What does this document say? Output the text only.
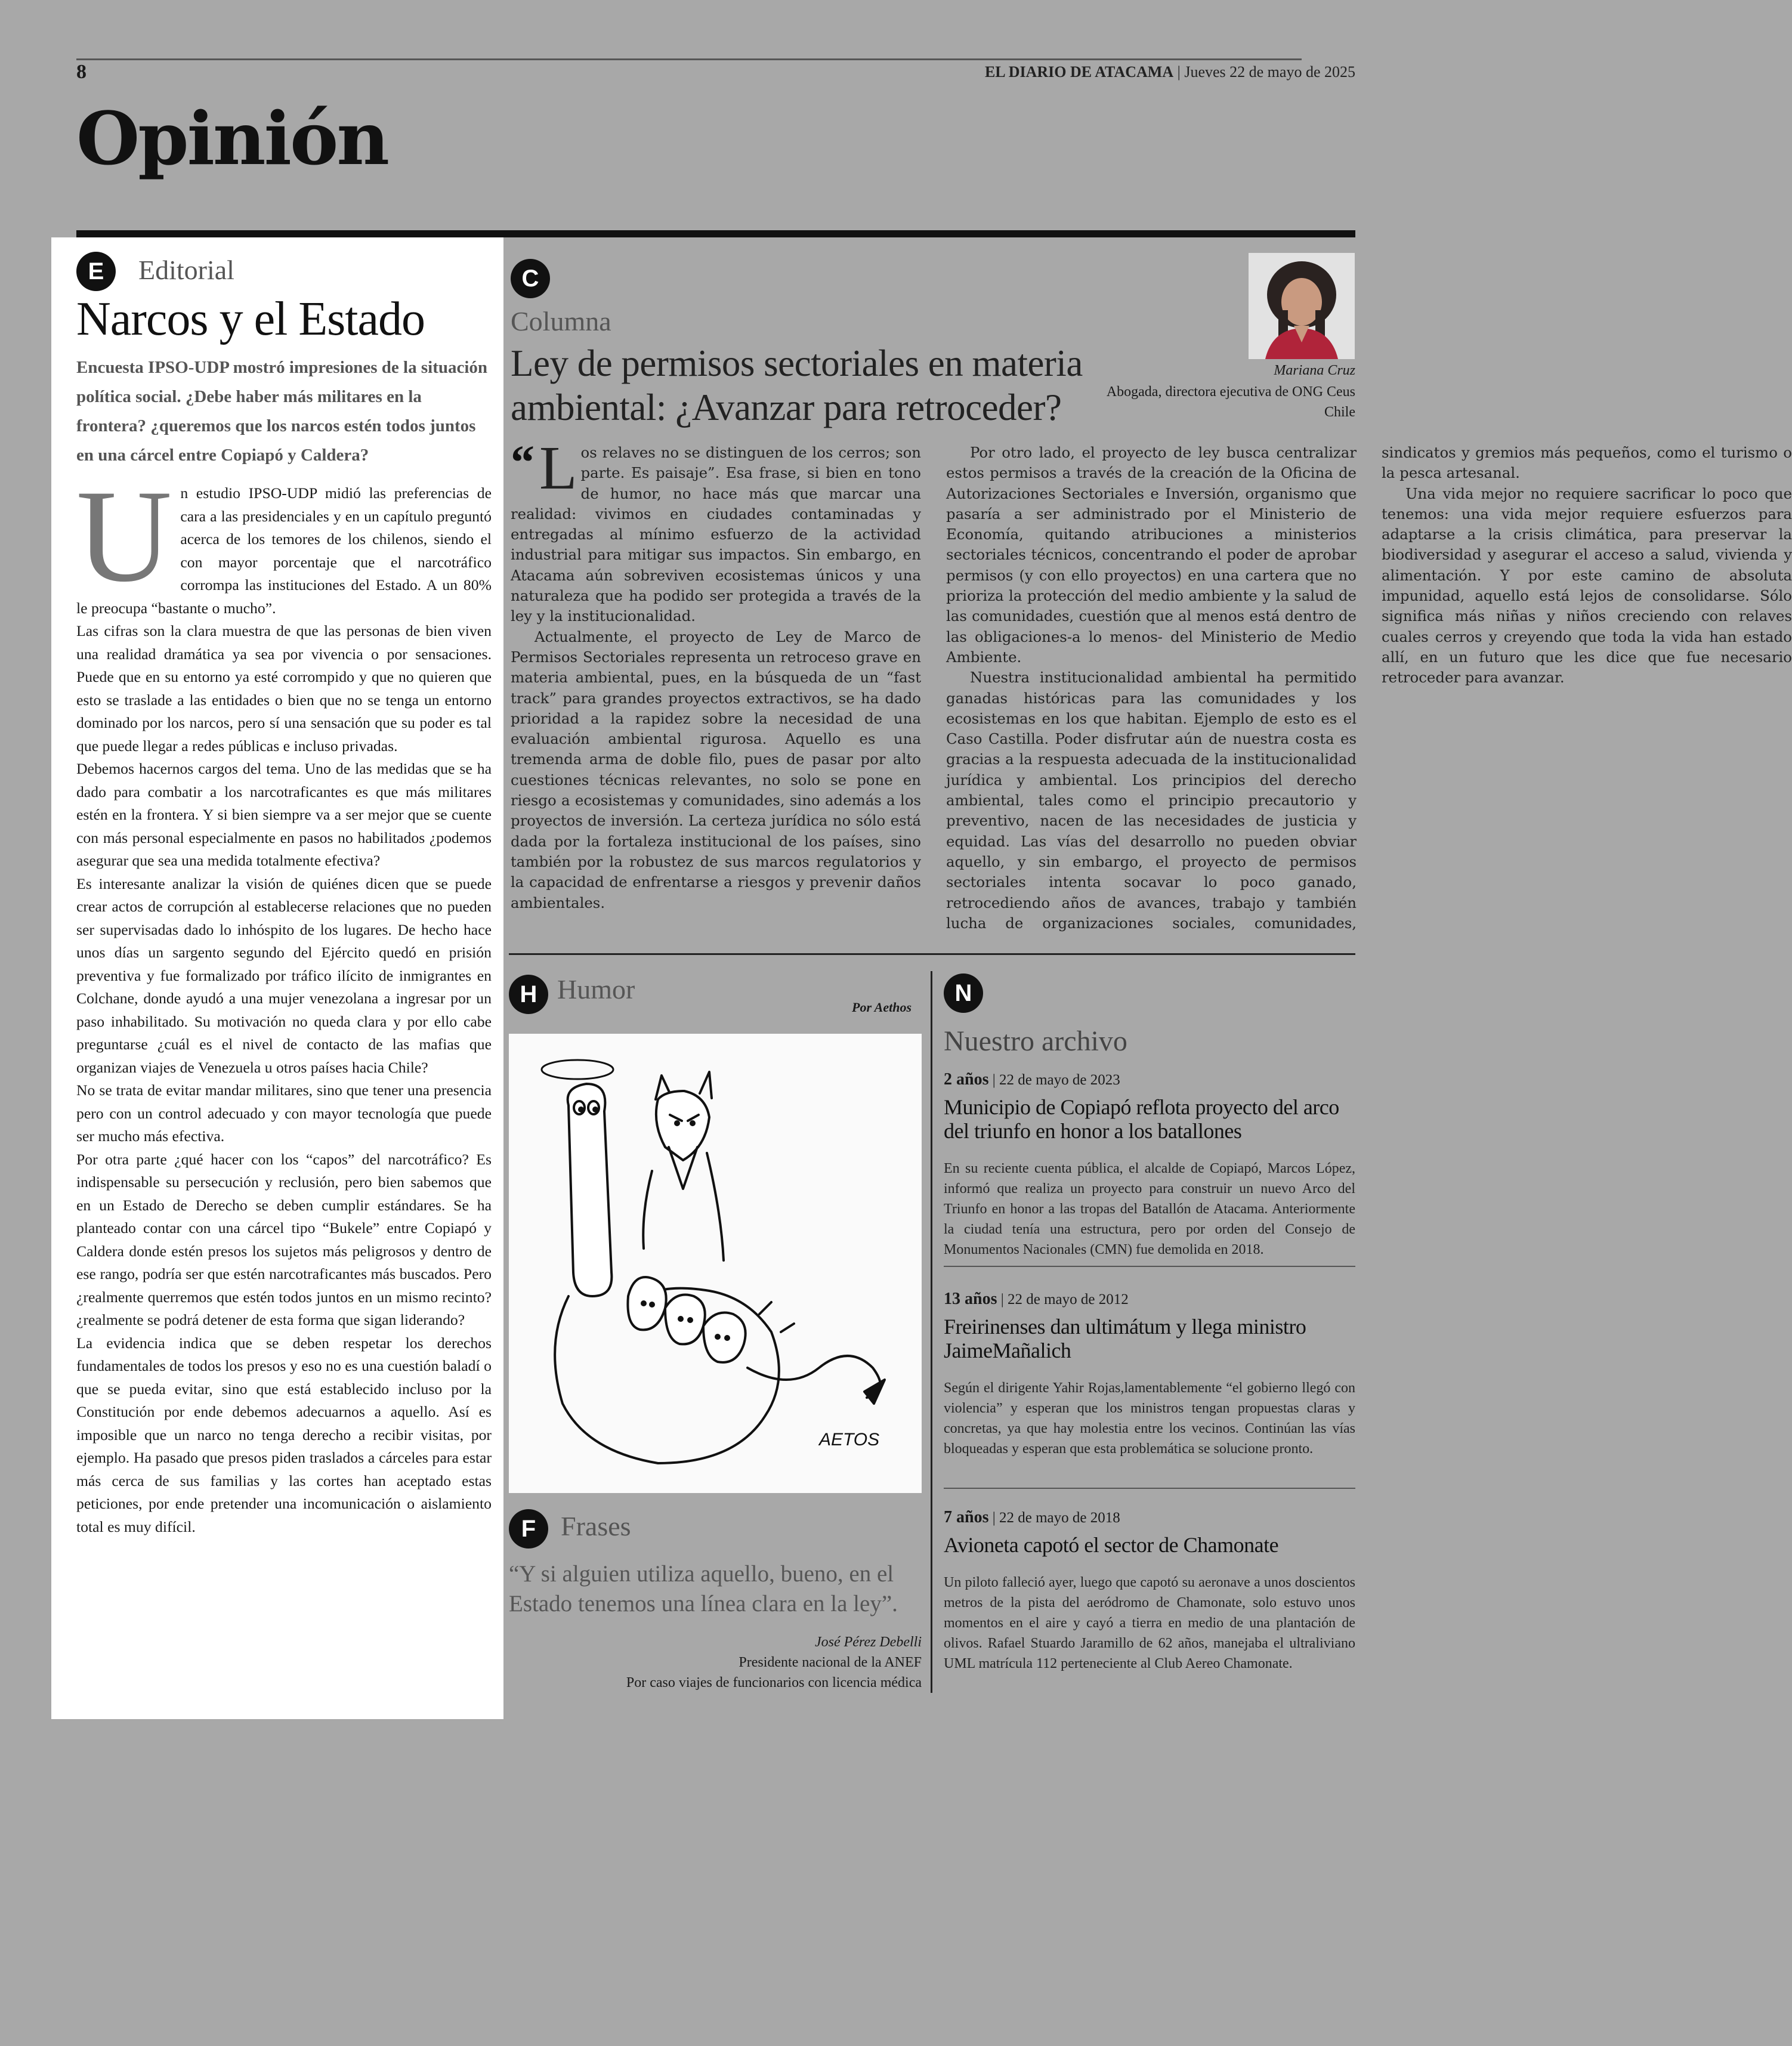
8	EL DIARIO DE ATACAMA | Jueves 22 de mayo de 2025
Opinión
E	Editorial
Narcos y el Estado
Encuesta IPSO-UDP mostró impresiones de la situación política social. ¿Debe haber más militares en la frontera? ¿queremos que los narcos estén todos juntos en una cárcel entre Copiapó y Caldera?

Un estudio IPSO-UDP midió las preferencias de cara a las presidenciales y en un capítulo preguntó acerca de los temores de los chilenos, siendo el con mayor porcentaje que el narcotráfico corrompa las instituciones del Estado. A un 80% le preocupa “bastante o mucho”.

Las cifras son la clara muestra de que las personas de bien viven una realidad dramática ya sea por vivencia o por sensaciones. Puede que en su entorno ya esté corrompido y que no quieren que esto se traslade a las entidades o bien que no se tenga un entorno dominado por los narcos, pero sí una sensación que su poder es tal que puede llegar a redes públicas e incluso privadas.

Debemos hacernos cargos del tema. Uno de las medidas que se ha dado para combatir a los narcotraficantes es que más militares estén en la frontera. Y si bien siempre va a ser mejor que se cuente con más personal especialmente en pasos no habilitados ¿podemos asegurar que sea una medida totalmente efectiva?

Es interesante analizar la visión de quiénes dicen que se puede crear actos de corrupción al establecerse relaciones que no pueden ser supervisadas dado lo inhóspito de los lugares. De hecho hace unos días un sargento segundo del Ejército quedó en prisión preventiva y fue formalizado por tráfico ilícito de inmigrantes en Colchane, donde ayudó a una mujer venezolana a ingresar por un paso inhabilitado. Su motivación no queda clara y por ello cabe preguntarse ¿cuál es el nivel de contacto de las mafias que organizan viajes de Venezuela u otros países hacia Chile?

No se trata de evitar mandar militares, sino que tener una presencia pero con un control adecuado y con mayor tecnología que puede ser mucho más efectiva.

Por otra parte ¿qué hacer con los “capos” del narcotráfico? Es indispensable su persecución y reclusión, pero bien sabemos que en un Estado de Derecho se deben cumplir estándares. Se ha planteado contar con una cárcel tipo “Bukele” entre Copiapó y Caldera donde estén presos los sujetos más peligrosos y dentro de ese rango, podría ser que estén narcotraficantes más buscados. Pero ¿realmente querremos que estén todos juntos en un mismo recinto? ¿realmente se podrá detener de esta forma que sigan liderando?

La evidencia indica que se deben respetar los derechos fundamentales de todos los presos y eso no es una cuestión baladí o que se pueda evitar, sino que está establecido incluso por la Constitución por ende debemos adecuarnos a aquello. Así es imposible que un narco no tenga derecho a recibir visitas, por ejemplo. Ha pasado que presos piden traslados a cárceles para estar más cerca de sus familias y las cortes han aceptado estas peticiones, por ende pretender una incomunicación o aislamiento total es muy difícil.

C
Columna
Ley de permisos sectoriales en materia ambiental: ¿Avanzar para retroceder?
Mariana Cruz
Abogada, directora ejecutiva de ONG Ceus Chile

“ L os relaves no se distinguen de los cerros; son parte. Es paisaje”. Esa frase, si bien en tono de humor, no hace más que marcar una realidad: vivimos en ciudades contaminadas y entregadas al mínimo esfuerzo de la actividad industrial para mitigar sus impactos. Sin embargo, en Atacama aún sobreviven ecosistemas únicos y una naturaleza que ha podido ser protegida a través de la ley y la institucionalidad.

Actualmente, el proyecto de Ley de Marco de Permisos Sectoriales representa un retroceso grave en materia ambiental, pues, en la búsqueda de un “fast track” para grandes proyectos extractivos, se ha dado prioridad a la rapidez sobre la necesidad de una evaluación ambiental rigurosa. Aquello es una tremenda arma de doble filo, pues de pasar por alto cuestiones técnicas relevantes, no solo se pone en riesgo a ecosistemas y comunidades, sino además a los proyectos de inversión. La certeza jurídica no sólo está dada por la fortaleza institucional de los países, sino también por la robustez de sus marcos regulatorios y la capacidad de enfrentarse a riesgos y prevenir daños ambientales.

Por otro lado, el proyecto de ley busca centralizar estos permisos a través de la creación de la Oficina de Autorizaciones Sectoriales e Inversión, organismo que pasaría a ser administrado por el Ministerio de Economía, quitando atribuciones a ministerios sectoriales técnicos, concentrando el poder de aprobar permisos (y con ello proyectos) en una cartera que no prioriza la protección del medio ambiente y la salud de las comunidades, cuestión que al menos está dentro de las obligaciones-a lo menos- del Ministerio de Medio Ambiente.

Nuestra institucionalidad ambiental ha permitido ganadas históricas para las comunidades y los ecosistemas en los que habitan. Ejemplo de esto es el Caso Castilla. Poder disfrutar aún de nuestra costa es gracias a la respuesta adecuada de la institucionalidad jurídica y ambiental. Los principios del derecho ambiental, tales como el principio precautorio y preventivo, nacen de las necesidades de justicia y equidad. Las vías del desarrollo no pueden obviar aquello, y sin embargo, el proyecto de permisos sectoriales intenta socavar lo poco ganado, retrocediendo años de avances, trabajo y también lucha de organizaciones sociales, comunidades, sindicatos y gremios más pequeños, como el turismo o la pesca artesanal.

Una vida mejor no requiere sacrificar lo poco que tenemos: una vida mejor requiere esfuerzos para adaptarse a la crisis climática, para preservar la biodiversidad y asegurar el acceso a salud, vivienda y alimentación. Y por este camino de absoluta impunidad, aquello está lejos de consolidarse. Sólo significa más niñas y niños creciendo con relaves cuales cerros y creyendo que toda la vida han estado allí, en un futuro que les dice que fue necesario retroceder para avanzar.

H Humor
Por Aethos
AETOS
F Frases
“Y si alguien utiliza aquello, bueno, en el Estado tenemos una línea clara en la ley”.
José Pérez Debelli
Presidente nacional de la ANEF
Por caso viajes de funcionarios con licencia médica
N
Nuestro archivo
2 años | 22 de mayo de 2023
Municipio de Copiapó reflota proyecto del arco del triunfo en honor a los batallones
En su reciente cuenta pública, el alcalde de Copiapó, Marcos López, informó que realiza un proyecto para construir un nuevo Arco del Triunfo en honor a las tropas del Batallón de Atacama. Anteriormente la ciudad tenía una estructura, pero por orden del Consejo de Monumentos Nacionales (CMN) fue demolida en 2018.
13 años | 22 de mayo de 2012
Freirinenses dan ultimátum y llega ministro JaimeMañalich
Según el dirigente Yahir Rojas,lamentablemente “el gobierno llegó con violencia” y esperan que los ministros tengan propuestas claras y concretas, ya que hay molestia entre los vecinos. Continúan las vías bloqueadas y esperan que esta problemática se solucione pronto.
7 años | 22 de mayo de 2018
Avioneta capotó el sector de Chamonate
Un piloto falleció ayer, luego que capotó su aeronave a unos doscientos metros de la pista del aeródromo de Chamonate, solo estuvo unos momentos en el aire y cayó a tierra en medio de una plantación de olivos. Rafael Stuardo Jaramillo de 62 años, manejaba el ultraliviano UML matrícula 112 perteneciente al Club Aereo Chamonate.
